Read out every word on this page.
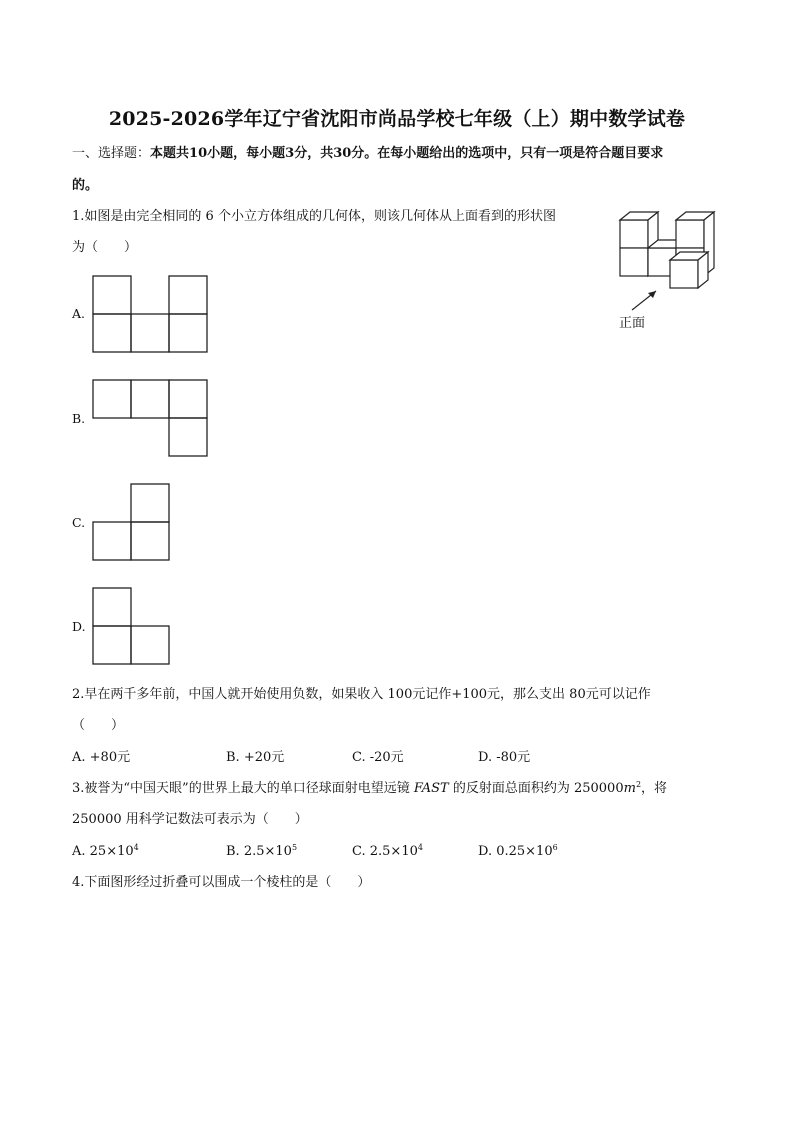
2025-2026学年辽宁省沈阳市尚品学校七年级（上）期中数学试卷
一、选择题：本题共10小题，每小题3分，共30分。在每小题给出的选项中，只有一项是符合题目要求
的。
1.如图是由完全相同的 6 个小立方体组成的几何体，则该几何体从上面看到的形状图
为（　　）
正面
A.
B.
C.
D.
2.早在两千多年前，中国人就开始使用负数，如果收入 100元记作+100元，那么支出 80元可以记作
（　　）
A. +80元	B. +20元	C. -20元	D. -80元
3.被誉为“中国天眼”的世界上最大的单口径球面射电望远镜 FAST 的反射面总面积约为 $250000m^2$，将
250000 用科学记数法可表示为（　　）
A. $25\times 10^4$	B. $2.5\times 10^5$	C. $2.5\times 10^4$	D. $0.25\times 10^6$
4.下面图形经过折叠可以围成一个棱柱的是（　　）
